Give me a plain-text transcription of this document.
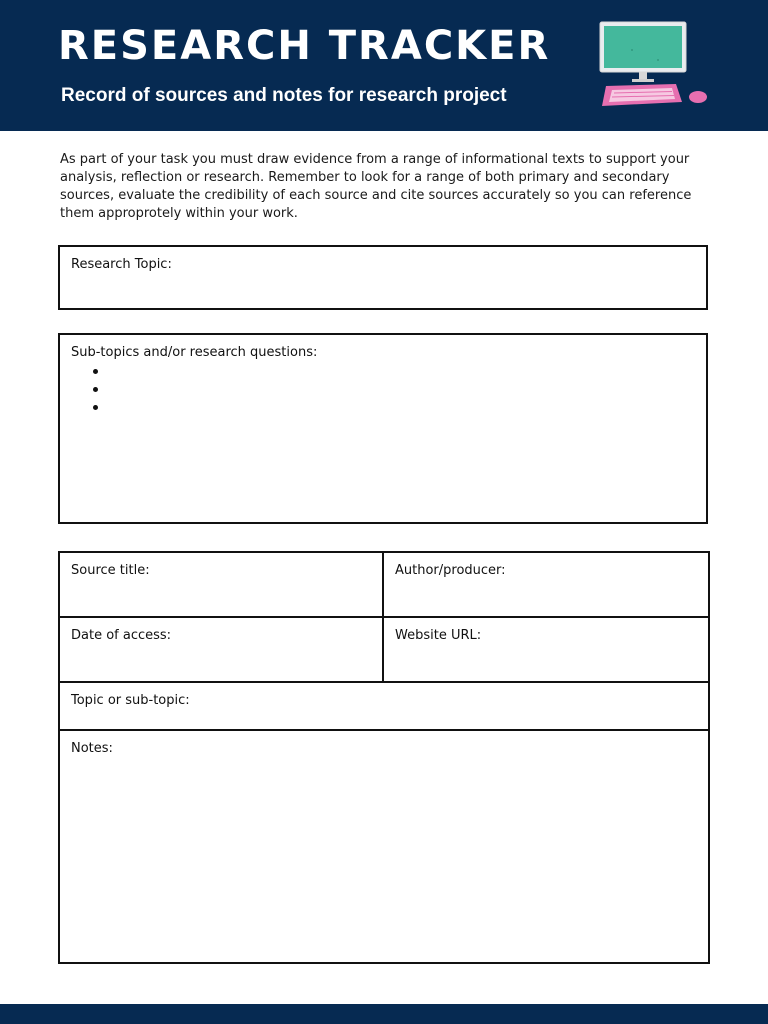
RESEARCH TRACKER
Record of sources and notes for research project

As part of your task you must draw evidence from a range of informational texts to support your analysis, reflection or research. Remember to look for a range of both primary and secondary sources, evaluate the credibility of each source and cite sources accurately so you can reference them approprotely within your work.

Research Topic:
Sub-topics and/or research questions:
Source title:	Author/producer:
Date of access:	Website URL:
Topic or sub-topic:
Notes:
